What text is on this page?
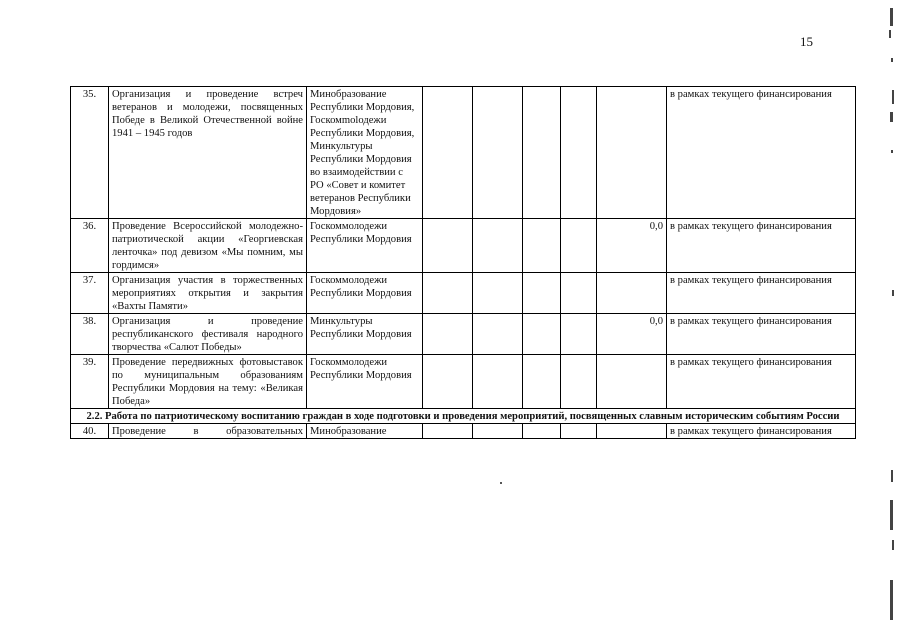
15
35.	Организация и проведение встреч ветеранов и молодежи, посвященных Победе в Великой Отечественной войне 1941 – 1945 годов	Минобразование Республики Мордовия, Госкомmolодежи Республики Мордовия, Минкультуры Республики Мордовия во взаимодействии с РО «Совет и комитет ветеранов Республики Мордовия»						в рамках текущего финансирования
36.	Проведение Всероссийской молодежно-патриотической акции «Георгиевская ленточка» под девизом «Мы помним, мы гордимся»	Госкоммолодежи Республики Мордовия					0,0	в рамках текущего финансирования
37.	Организация участия в торжественных мероприятиях открытия и закрытия «Вахты Памяти»	Госкоммолодежи Республики Мордовия						в рамках текущего финансирования
38.	Организация и проведение республиканского фестиваля народного творчества «Салют Победы»	Минкультуры Республики Мордовия					0,0	в рамках текущего финансирования
39.	Проведение передвижных фотовыставок по муниципальным образованиям Республики Мордовия на тему: «Великая Победа»	Госкоммолодежи Республики Мордовия						в рамках текущего финансирования
2.2. Работа по патриотическому воспитанию граждан в ходе подготовки и проведения мероприятий, посвященных славным историческим событиям России								
40.	Проведение в образовательных	Минобразование						в рамках текущего финансирования
